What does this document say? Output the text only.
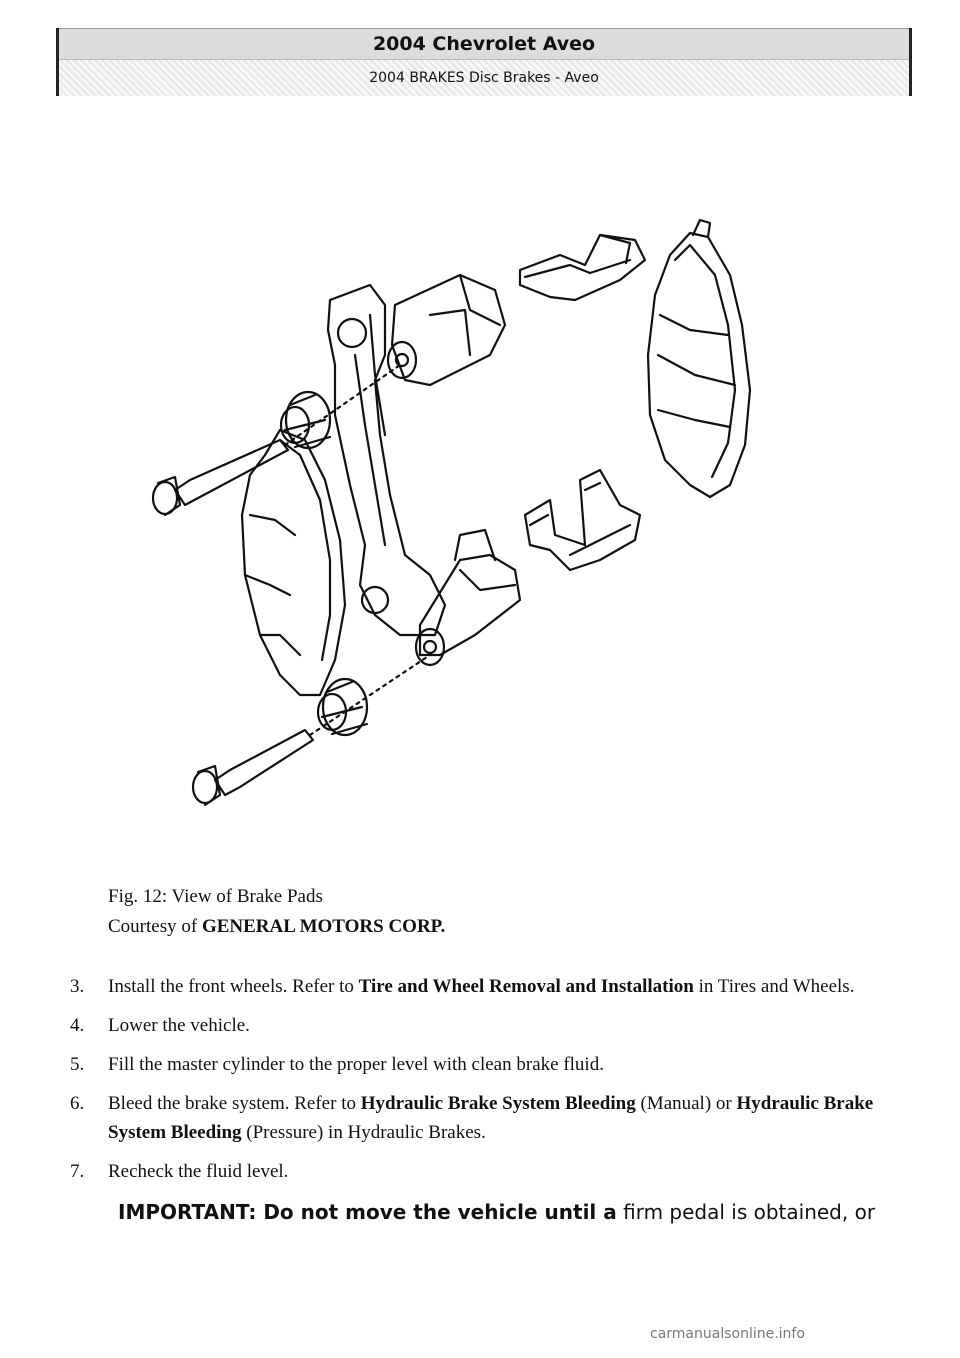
2004 Chevrolet Aveo
2004 BRAKES Disc Brakes - Aveo
Fig. 12: View of Brake Pads
Courtesy of GENERAL MOTORS CORP.
3.	Install the front wheels. Refer to Tire and Wheel Removal and Installation in Tires and Wheels.
4.	Lower the vehicle.
5.	Fill the master cylinder to the proper level with clean brake fluid.
6.	Bleed the brake system. Refer to Hydraulic Brake System Bleeding (Manual) or Hydraulic Brake System Bleeding (Pressure) in Hydraulic Brakes.
7.	Recheck the fluid level.
IMPORTANT: Do not move the vehicle until a firm pedal is obtained, or
carmanualsonline.info
